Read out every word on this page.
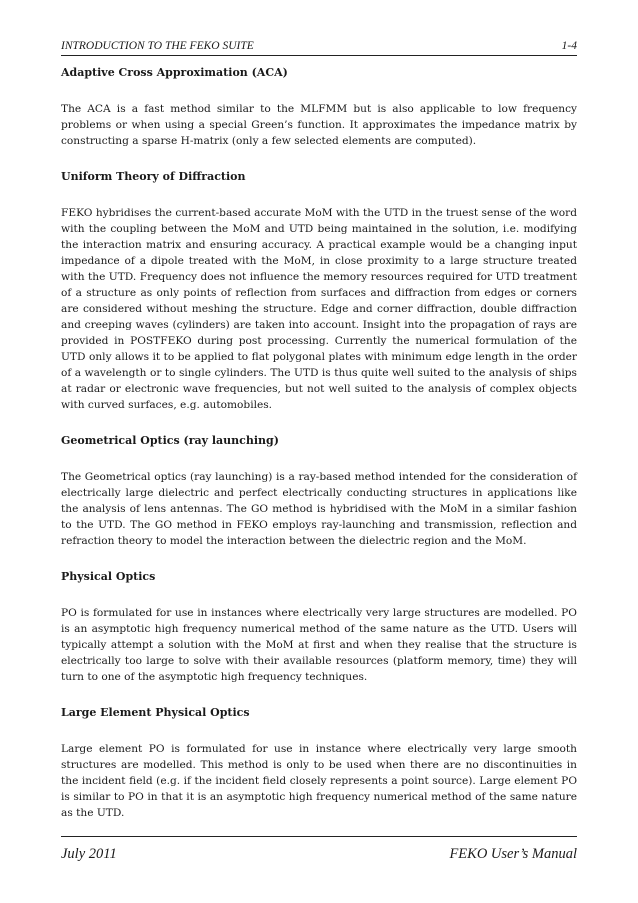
INTRODUCTION TO THE FEKO SUITE	1-4

Adaptive Cross Approximation (ACA)

The ACA is a fast method similar to the MLFMM but is also applicable to low frequency problems or when using a special Green’s function. It approximates the impedance matrix by constructing a sparse H-matrix (only a few selected elements are computed).

Uniform Theory of Diffraction

FEKO hybridises the current-based accurate MoM with the UTD in the truest sense of the word with the coupling between the MoM and UTD being maintained in the solution, i.e. modifying the interaction matrix and ensuring accuracy. A practical example would be a changing input impedance of a dipole treated with the MoM, in close proximity to a large structure treated with the UTD. Frequency does not influence the memory resources required for UTD treatment of a structure as only points of reflection from surfaces and diffraction from edges or corners are considered without meshing the structure. Edge and corner diffraction, double diffraction and creeping waves (cylinders) are taken into account. Insight into the propagation of rays are provided in POSTFEKO during post processing. Currently the numerical formulation of the UTD only allows it to be applied to flat polygonal plates with minimum edge length in the order of a wavelength or to single cylinders. The UTD is thus quite well suited to the analysis of ships at radar or electronic wave frequencies, but not well suited to the analysis of complex objects with curved surfaces, e.g. automobiles.

Geometrical Optics (ray launching)

The Geometrical optics (ray launching) is a ray-based method intended for the consideration of electrically large dielectric and perfect electrically conducting structures in applications like the analysis of lens antennas. The GO method is hybridised with the MoM in a similar fashion to the UTD. The GO method in FEKO employs ray-launching and transmission, reflection and refraction theory to model the interaction between the dielectric region and the MoM.

Physical Optics

PO is formulated for use in instances where electrically very large structures are modelled. PO is an asymptotic high frequency numerical method of the same nature as the UTD. Users will typically attempt a solution with the MoM at first and when they realise that the structure is electrically too large to solve with their available resources (platform memory, time) they will turn to one of the asymptotic high frequency techniques.

Large Element Physical Optics

Large element PO is formulated for use in instance where electrically very large smooth structures are modelled. This method is only to be used when there are no discontinuities in the incident field (e.g. if the incident field closely represents a point source). Large element PO is similar to PO in that it is an asymptotic high frequency numerical method of the same nature as the UTD.

July 2011	FEKO User’s Manual
